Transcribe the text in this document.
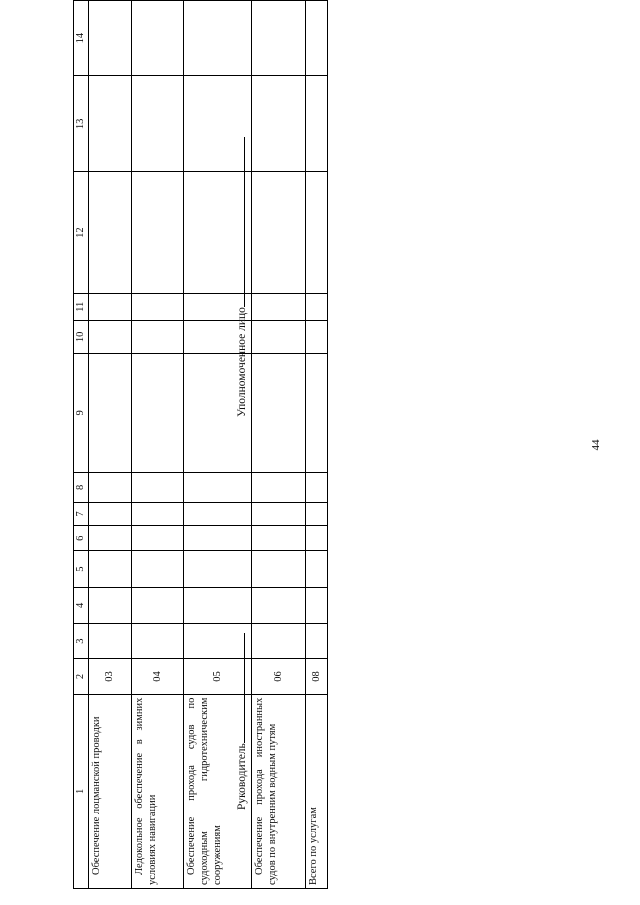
44
1	2	3	4	5	6	7	8	9	10	11	12	13	14
Обеспечение лоцманской проводки	03												
Ледокольное обеспечение в зимних условиях навигации	04												
Обеспечение прохода судов по судоходным гидротехническим сооружениям	05												
Обеспечение прохода иностранных судов по внутренним водным путям	06												
Всего по услугам	08												
Руководитель
Уполномоченное лицо
